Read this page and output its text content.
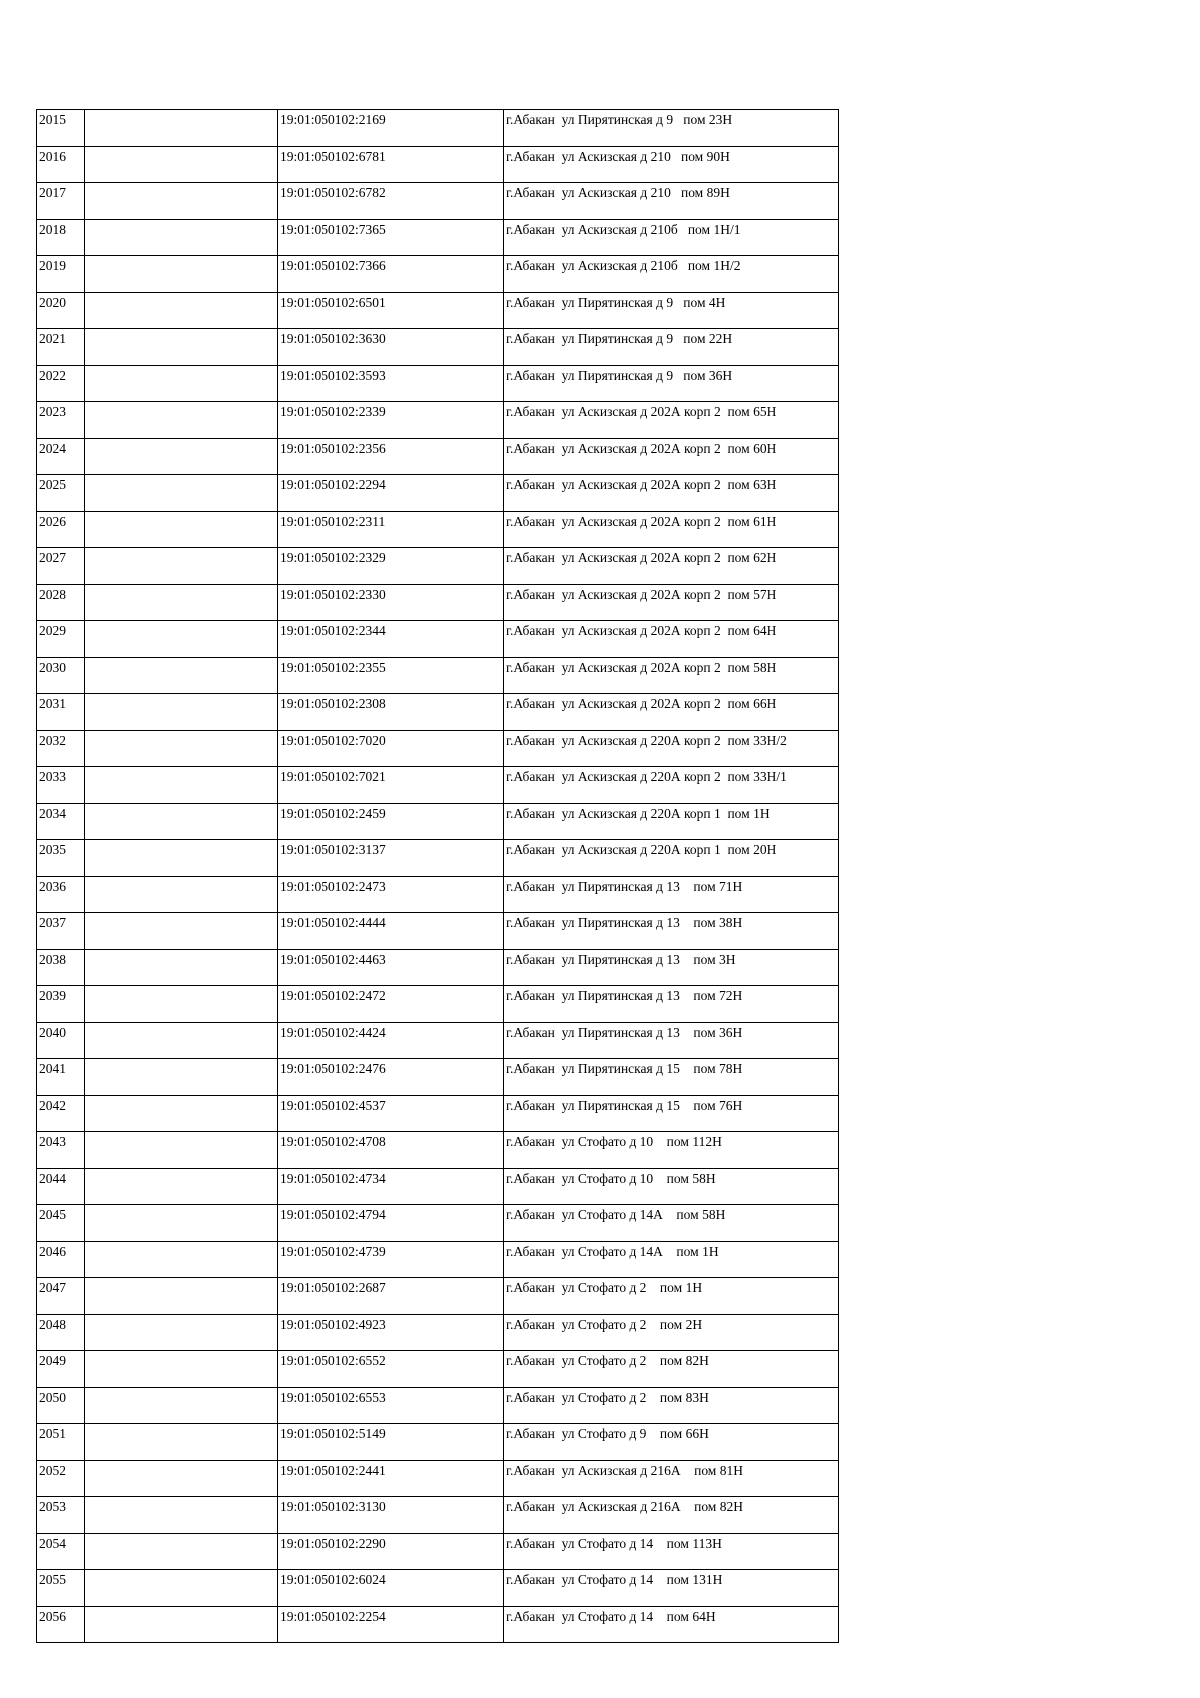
2015		19:01:050102:2169	г.Абакан  ул Пирятинская д 9   пом 23Н
2016		19:01:050102:6781	г.Абакан  ул Аскизская д 210   пом 90Н
2017		19:01:050102:6782	г.Абакан  ул Аскизская д 210   пом 89Н
2018		19:01:050102:7365	г.Абакан  ул Аскизская д 210б   пом 1Н/1
2019		19:01:050102:7366	г.Абакан  ул Аскизская д 210б   пом 1Н/2
2020		19:01:050102:6501	г.Абакан  ул Пирятинская д 9   пом 4Н
2021		19:01:050102:3630	г.Абакан  ул Пирятинская д 9   пом 22Н
2022		19:01:050102:3593	г.Абакан  ул Пирятинская д 9   пом 36Н
2023		19:01:050102:2339	г.Абакан  ул Аскизская д 202А корп 2  пом 65Н
2024		19:01:050102:2356	г.Абакан  ул Аскизская д 202А корп 2  пом 60Н
2025		19:01:050102:2294	г.Абакан  ул Аскизская д 202А корп 2  пом 63Н
2026		19:01:050102:2311	г.Абакан  ул Аскизская д 202А корп 2  пом 61Н
2027		19:01:050102:2329	г.Абакан  ул Аскизская д 202А корп 2  пом 62Н
2028		19:01:050102:2330	г.Абакан  ул Аскизская д 202А корп 2  пом 57Н
2029		19:01:050102:2344	г.Абакан  ул Аскизская д 202А корп 2  пом 64Н
2030		19:01:050102:2355	г.Абакан  ул Аскизская д 202А корп 2  пом 58Н
2031		19:01:050102:2308	г.Абакан  ул Аскизская д 202А корп 2  пом 66Н
2032		19:01:050102:7020	г.Абакан  ул Аскизская д 220А корп 2  пом 33Н/2
2033		19:01:050102:7021	г.Абакан  ул Аскизская д 220А корп 2  пом 33Н/1
2034		19:01:050102:2459	г.Абакан  ул Аскизская д 220А корп 1  пом 1Н
2035		19:01:050102:3137	г.Абакан  ул Аскизская д 220А корп 1  пом 20Н
2036		19:01:050102:2473	г.Абакан  ул Пирятинская д 13    пом 71Н
2037		19:01:050102:4444	г.Абакан  ул Пирятинская д 13    пом 38Н
2038		19:01:050102:4463	г.Абакан  ул Пирятинская д 13    пом 3Н
2039		19:01:050102:2472	г.Абакан  ул Пирятинская д 13    пом 72Н
2040		19:01:050102:4424	г.Абакан  ул Пирятинская д 13    пом 36Н
2041		19:01:050102:2476	г.Абакан  ул Пирятинская д 15    пом 78Н
2042		19:01:050102:4537	г.Абакан  ул Пирятинская д 15    пом 76Н
2043		19:01:050102:4708	г.Абакан  ул Стофато д 10    пом 112Н
2044		19:01:050102:4734	г.Абакан  ул Стофато д 10    пом 58Н
2045		19:01:050102:4794	г.Абакан  ул Стофато д 14А    пом 58Н
2046		19:01:050102:4739	г.Абакан  ул Стофато д 14А    пом 1Н
2047		19:01:050102:2687	г.Абакан  ул Стофато д 2    пом 1Н
2048		19:01:050102:4923	г.Абакан  ул Стофато д 2    пом 2Н
2049		19:01:050102:6552	г.Абакан  ул Стофато д 2    пом 82Н
2050		19:01:050102:6553	г.Абакан  ул Стофато д 2    пом 83Н
2051		19:01:050102:5149	г.Абакан  ул Стофато д 9    пом 66Н
2052		19:01:050102:2441	г.Абакан  ул Аскизская д 216А    пом 81Н
2053		19:01:050102:3130	г.Абакан  ул Аскизская д 216А    пом 82Н
2054		19:01:050102:2290	г.Абакан  ул Стофато д 14    пом 113Н
2055		19:01:050102:6024	г.Абакан  ул Стофато д 14    пом 131Н
2056		19:01:050102:2254	г.Абакан  ул Стофато д 14    пом 64Н
